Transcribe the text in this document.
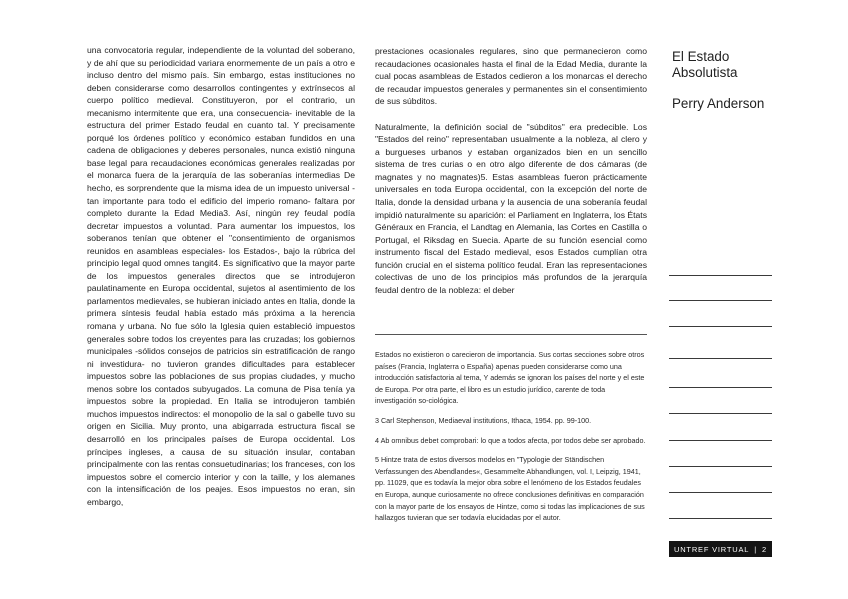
una convocatoria regular, independiente de la voluntad del soberano, y de ahí que su periodicidad variara enormemente de un país a otro e incluso dentro del mismo país. Sin embargo, estas instituciones no deben considerarse como desarrollos contingentes y extrínsecos al cuerpo político medieval. Constituyeron, por el contrario, un mecanismo intermitente que era, una consecuencia- inevitable de la estructura del primer Estado feudal en cuanto tal. Y precisamente porqué los órdenes político y económico estaban fundidos en una cadena de obligaciones y deberes personales, nunca existió ninguna base legal para recaudaciones económicas generales realizadas por el monarca fuera de la jerarquía de las soberanías intermedias De hecho, es sorprendente que la misma idea de un impuesto universal -tan importante para todo el edificio del imperio romano- faltara por completo durante la Edad Media3. Así, ningún rey feudal podía decretar impuestos a voluntad. Para aumentar los impuestos, los soberanos tenían que obtener el "consentimiento de organismos reunidos en asambleas especiales- los Estados-, bajo la rúbrica del principio legal quod omnes tangit4. Es significativo que la mayor parte de los impuestos generales directos que se introdujeron paulatinamente en Europa occidental, sujetos al asentimiento de los parlamentos medievales, se hubieran iniciado antes en Italia, donde la primera síntesis feudal había estado más próxima a la herencia romana y urbana. No fue sólo la Iglesia quien estableció impuestos generales sobre todos los creyentes para las cruzadas; los gobiernos municipales -sólidos consejos de patricios sin estratificación de rango ni investidura- no tuvieron grandes dificultades para establecer impuestos sobre las poblaciones de sus propias ciudades, y mucho menos sobre los contados subyugados. La comuna de Pisa tenía ya impuestos sobre la propiedad. En Italia se introdujeron también muchos impuestos indirectos: el monopolio de la sal o gabelle tuvo su origen en Sicilia. Muy pronto, una abigarrada estructura fiscal se desarrolló en los principales países de Europa occidental. Los príncipes ingleses, a causa de su situación insular, contaban principalmente con las rentas consuetudinarias; los franceses, con los impuestos sobre el comercio interior y con la taille, y los alemanes con la intensificación de los peajes. Esos impuestos no eran, sin embargo,

prestaciones ocasionales regulares, sino que permanecieron como recaudaciones ocasionales hasta el final de la Edad Media, durante la cual pocas asambleas de Estados cedieron a los monarcas el derecho de recaudar impuestos generales y permanentes sin el consentimiento de sus súbditos.

Naturalmente, la definición social de "súbditos" era predecible. Los "Estados del reino" representaban usualmente a la nobleza, al clero y a burgueses urbanos y estaban organizados bien en un sencillo sistema de tres curias o en otro algo diferente de dos cámaras (de magnates y no magnates)5. Estas asambleas fueron prácticamente universales en toda Europa occidental, con la excepción del norte de Italia, donde la densidad urbana y la ausencia de una soberanía feudal impidió naturalmente su aparición: el Parliament en Inglaterra, los États Généraux en Francia, el Landtag en Alemania, las Cortes en Castilla o Portugal, el Riksdag en Suecia. Aparte de su función esencial como instrumento fiscal del Estado medieval, esos Estados cumplían otra función crucial en el sistema político feudal. Eran las representaciones colectivas de uno de los principios más profundos de la jerarquía feudal dentro de la nobleza: el deber

Estados no existieron o carecieron de importancia. Sus cortas secciones sobre otros países (Francia, Inglaterra o España) apenas pueden considerarse como una introducción satisfactoria al tema, Y además se ignoran los países del norte y el este de Europa. Por otra parte, el libro es un estudio jurídico, carente de toda investigación so-ciológica.

3 Carl Stephenson, Mediaeval institutions, Ithaca, 1954. pp. 99-100.

4 Ab omnibus debet comprobari: lo que a todos afecta, por todos debe ser aprobado.

5 Hintze trata de estos diversos modelos en "Typologie der Ständischen Verfassungen des Abendlandes«, Gesammelte Abhandlungen, vol. I, Leipzig, 1941, pp. 11029, que es todavía la mejor obra sobre el lenómeno de los Estados feudales en Europa, aunque curiosamente no ofrece conclusiones definitivas en comparación con la mayor parte de los ensayos de Hintze, como si todas las implicaciones de sus hallazgos tuvieran que ser todavía elucidadas por el autor.

El Estado
Absolutista
Perry Anderson
UNTREF VIRTUAL | 2
